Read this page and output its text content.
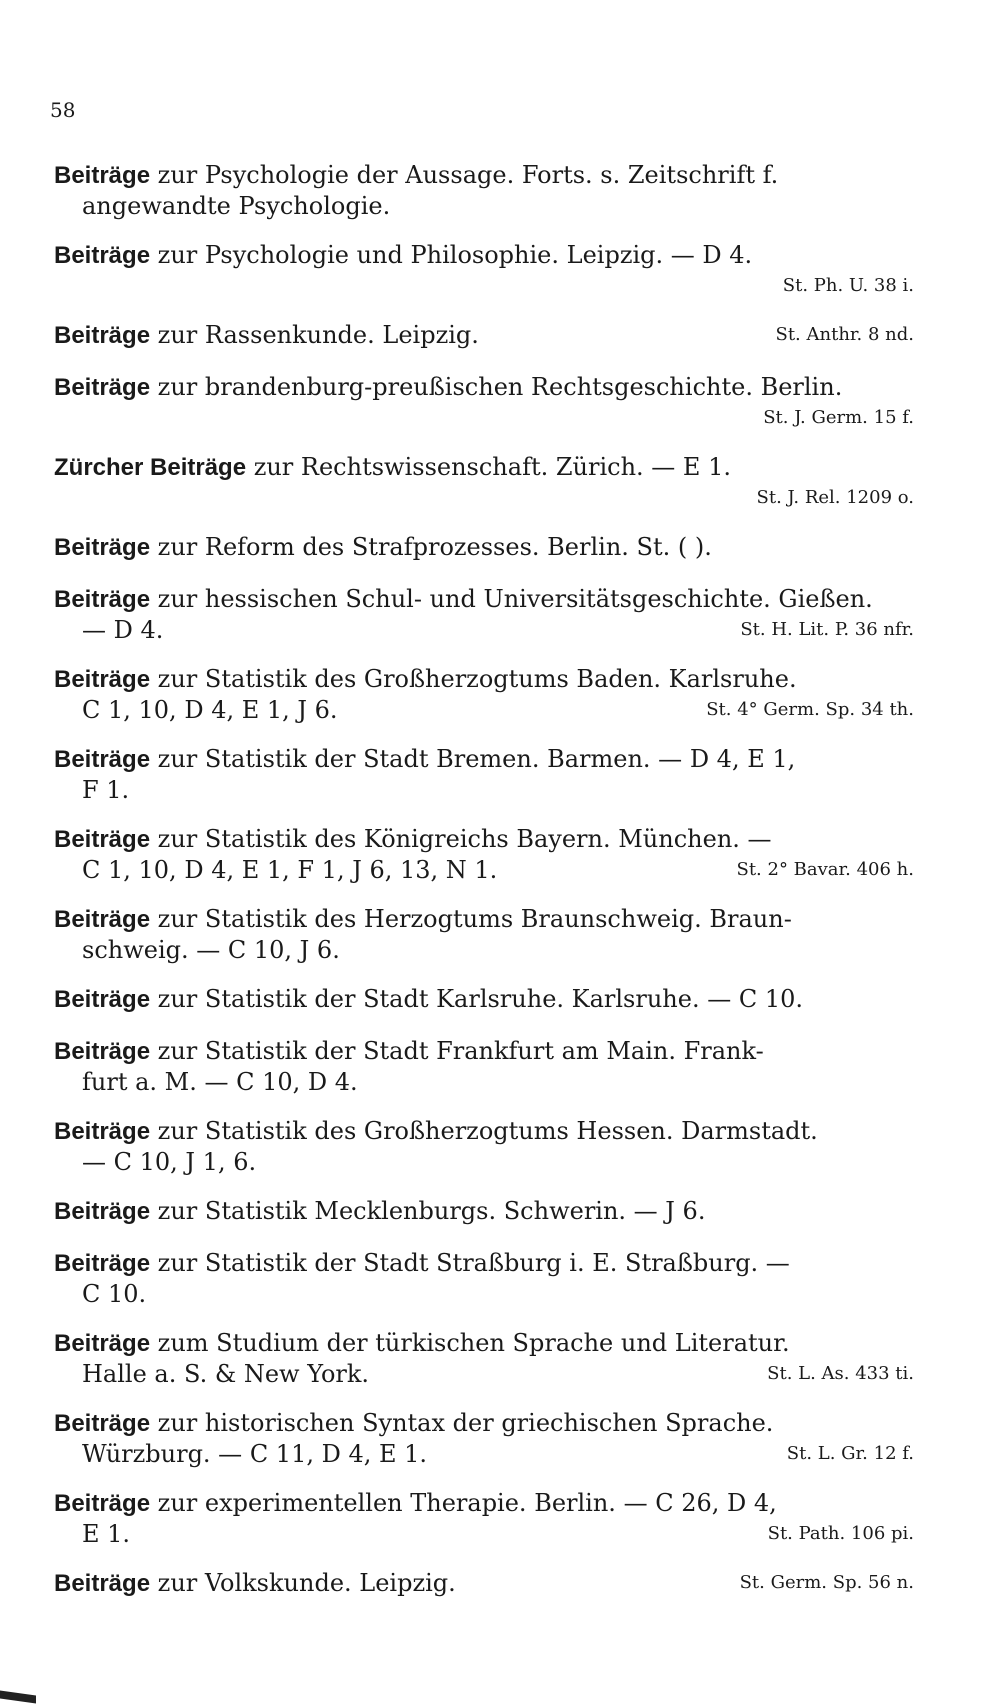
58
Beiträge zur Psychologie der Aussage. Forts. s. Zeitschrift f.
angewandte Psychologie.
Beiträge zur Psychologie und Philosophie. Leipzig. — D 4.
St. Ph. U. 38 i.
Beiträge zur Rassenkunde. Leipzig.	St. Anthr. 8 nd.
Beiträge zur brandenburg-preußischen Rechtsgeschichte. Berlin.
St. J. Germ. 15 f.
Zürcher Beiträge zur Rechtswissenschaft. Zürich. — E 1.
St. J. Rel. 1209 o.
Beiträge zur Reform des Strafprozesses. Berlin. St. ( ).
Beiträge zur hessischen Schul- und Universitätsgeschichte. Gießen.
— D 4.	St. H. Lit. P. 36 nfr.
Beiträge zur Statistik des Großherzogtums Baden. Karlsruhe.
C 1, 10, D 4, E 1, J 6.	St. 4° Germ. Sp. 34 th.
Beiträge zur Statistik der Stadt Bremen. Barmen. — D 4, E 1,
F 1.
Beiträge zur Statistik des Königreichs Bayern. München. —
C 1, 10, D 4, E 1, F 1, J 6, 13, N 1.	St. 2° Bavar. 406 h.
Beiträge zur Statistik des Herzogtums Braunschweig. Braun-
schweig. — C 10, J 6.
Beiträge zur Statistik der Stadt Karlsruhe. Karlsruhe. — C 10.
Beiträge zur Statistik der Stadt Frankfurt am Main. Frank-
furt a. M. — C 10, D 4.
Beiträge zur Statistik des Großherzogtums Hessen. Darmstadt.
— C 10, J 1, 6.
Beiträge zur Statistik Mecklenburgs. Schwerin. — J 6.
Beiträge zur Statistik der Stadt Straßburg i. E. Straßburg. —
C 10.
Beiträge zum Studium der türkischen Sprache und Literatur.
Halle a. S. & New York.	St. L. As. 433 ti.
Beiträge zur historischen Syntax der griechischen Sprache.
Würzburg. — C 11, D 4, E 1.	St. L. Gr. 12 f.
Beiträge zur experimentellen Therapie. Berlin. — C 26, D 4,
E 1.	St. Path. 106 pi.
Beiträge zur Volkskunde. Leipzig.	St. Germ. Sp. 56 n.
